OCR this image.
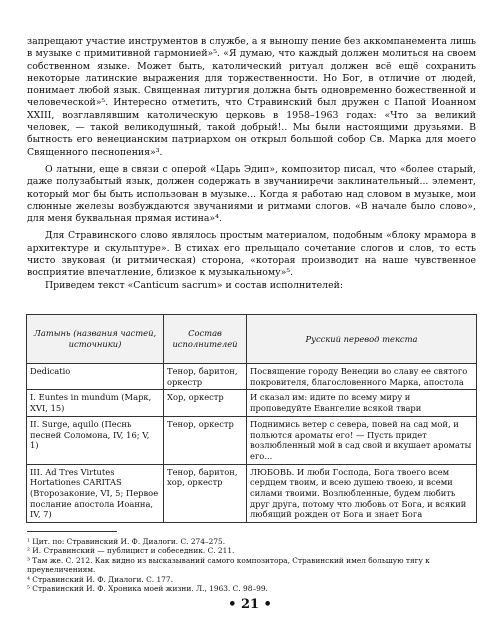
запрещают участие инструментов в службе, а я выношу пение без аккомпанемента лишь в музыке с примитивной гармонией»⁵. «Я думаю, что каждый должен молиться на своем собственном языке. Может быть, католический ритуал должен всё ещё сохранить некоторые латинские выражения для торжественности. Но Бог, в отличие от людей, понимает любой язык. Священная литургия должна быть одновременно божественной и человеческой»⁵. Интересно отметить, что Стравинский был дружен с Папой Иоанном XXIII, возглавлявшим католическую церковь в 1958–1963 годах: «Что за великий человек, — такой великодушный, такой добрый!.. Мы были настоящими друзьями. В бытность его венецианским патриархом он открыл большой собор Св. Марка для моего Священного песнопения»³.

О латыни, еще в связи с оперой «Царь Эдип», композитор писал, что «более старый, даже полузабытый язык, должен содержать в звучанииречи заклинательный... элемент, который мог бы быть использован в музыке... Когда я работаю над словом в музыке, мои слюнные железы возбуждаются звучаниями и ритмами слогов. «В начале было слово», для меня буквальная прямая истина»⁴.

Для Стравинского слово являлось простым материалом, подобным «блоку мрамора в архитектуре и скульптуре». В стихах его прельщало сочетание слогов и слов, то есть чисто звуковая (и ритмическая) сторона, «которая производит на наше чувственное восприятие впечатление, близкое к музыкальному»⁵.

Приведем текст «Canticum sacrum» и состав исполнителей:

Латынь (названия частей, источники)	Состав исполнителей	Русский перевод текста
Dedicatio	Тенор, баритон, оркестр	Посвящение городу Венеции во славу ее святого покровителя, благословенного Марка, апостола
I. Euntes in mundum (Марк, XVI, 15)	Хор, оркестр	И сказал им: идите по всему миру и проповедуйте Евангелие всякой твари
II. Surge, aquilo (Песнь песней Соломона, IV, 16; V, 1)	Тенор, оркестр	Поднимись ветер с севера, повей на сад мой, и польются ароматы его! — Пусть придет возлюбленный мой в сад свой и вкушает ароматы его...
III. Ad Tres Virtutes Hortationes CARITAS (Второзаконие, VI, 5; Первое послание апостола Иоанна, IV, 7)	Тенор, баритон, хор, оркестр	ЛЮБОВЬ. И люби Господа, Бога твоего всем сердцем твоим, и всею душею твоею, и всеми силами твоими. Возлюбленные, будем любить друг друга, потому что любовь от Бога, и всякий любящий рожден от Бога и знает Бога

¹ Цит. по: Стравинский И. Ф. Диалоги. С. 274–275.

² И. Стравинский — публицист и собеседник. С. 211.

³ Там же. С. 212. Как видно из высказываний самого композитора, Стравинский имел большую тягу к преувеличениям.

⁴ Стравинский И. Ф. Диалоги. С. 177.

⁵ Стравинский И. Ф. Хроника моей жизни. Л., 1963. С. 98–99.

• 21 •
